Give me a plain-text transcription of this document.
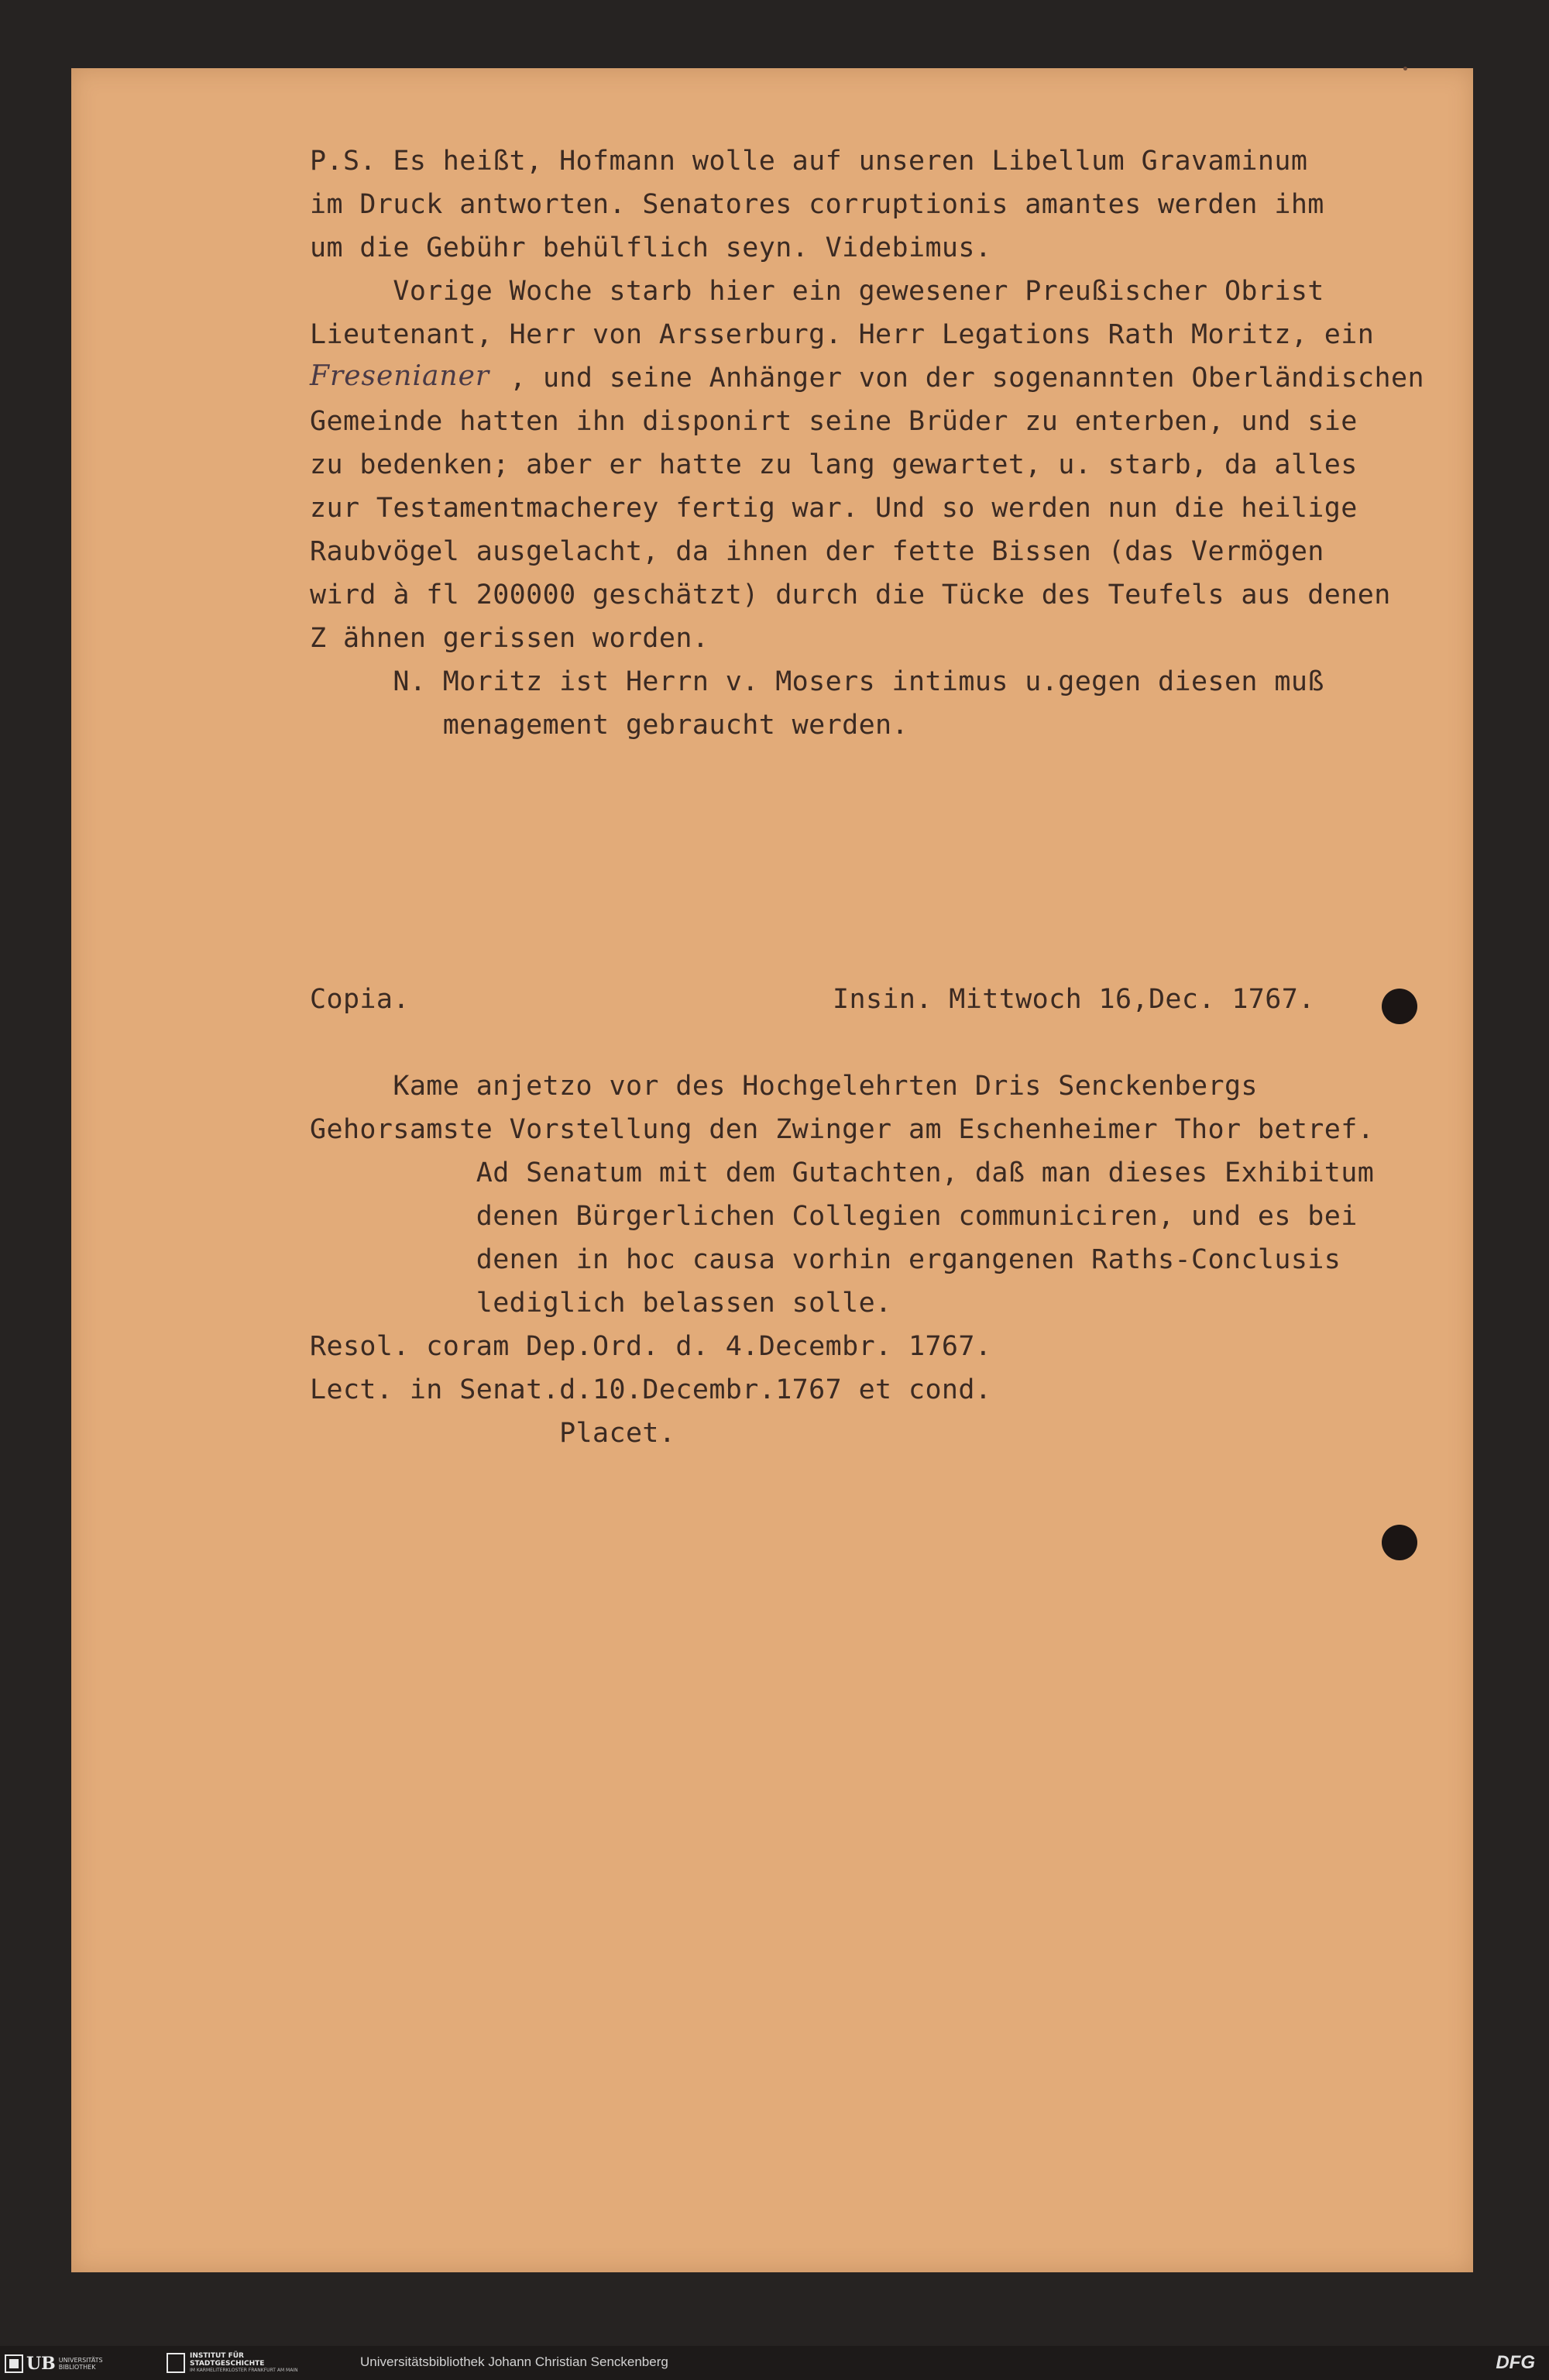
P.S. Es heißt, Hofmann wolle auf unseren Libellum Gravaminum
im Druck antworten. Senatores corruptionis amantes werden ihm
um die Gebühr behülflich seyn. Videbimus.
Vorige Woche starb hier ein gewesener Preußischer Obrist
Lieutenant, Herr von Arsserburg. Herr Legations Rath Moritz, ein
Fresenianer , und seine Anhänger von der sogenannten Oberländischen
Gemeinde hatten ihn disponirt seine Brüder zu enterben, und sie
zu bedenken; aber er hatte zu lang gewartet, u. starb, da alles
zur Testamentmacherey fertig war. Und so werden nun die heilige
Raubvögel ausgelacht, da ihnen der fette Bissen (das Vermögen
wird à fl 200000 geschätzt) durch die Tücke des Teufels aus denen
Z ähnen gerissen worden.
N. Moritz ist Herrn v. Mosers intimus u.gegen diesen muß
menagement gebraucht werden.
Copia.	Insin. Mittwoch 16,Dec. 1767.
Kame anjetzo vor des Hochgelehrten Dris Senckenbergs
Gehorsamste Vorstellung den Zwinger am Eschenheimer Thor betref.
Ad Senatum mit dem Gutachten, daß man dieses Exhibitum
denen Bürgerlichen Collegien communiciren, und es bei
denen in hoc causa vorhin ergangenen Raths-Conclusis
lediglich belassen solle.
Resol. coram Dep.Ord. d. 4.Decembr. 1767.
Lect. in Senat.d.10.Decembr.1767 et cond.
Placet.
UB UNIVERSITÄTS
BIBLIOTHEK
INSTITUT FÜR
STADTGESCHICHTE
IM KARMELITERKLOSTER FRANKFURT AM MAIN
Universitätsbibliothek Johann Christian Senckenberg	DFG
